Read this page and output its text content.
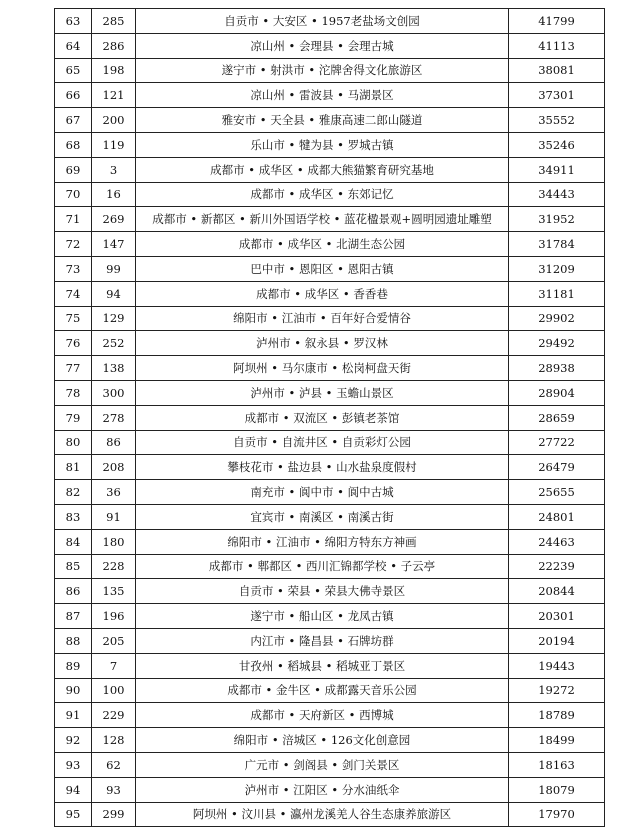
63	285	自贡市 • 大安区 • 1957老盐场文创园	41799
64	286	凉山州 • 会理县 • 会理古城	41113
65	198	遂宁市 • 射洪市 • 沱牌舍得文化旅游区	38081
66	121	凉山州 • 雷波县 • 马湖景区	37301
67	200	雅安市 • 天全县 • 雅康高速二郎山隧道	35552
68	119	乐山市 • 犍为县 • 罗城古镇	35246
69	3	成都市 • 成华区 • 成都大熊猫繁育研究基地	34911
70	16	成都市 • 成华区 • 东郊记忆	34443
71	269	成都市 • 新都区 • 新川外国语学校 • 蓝花楹景观+圆明园遗址雕塑	31952
72	147	成都市 • 成华区 • 北湖生态公园	31784
73	99	巴中市 • 恩阳区 • 恩阳古镇	31209
74	94	成都市 • 成华区 • 香香巷	31181
75	129	绵阳市 • 江油市 • 百年好合爱情谷	29902
76	252	泸州市 • 叙永县 • 罗汉林	29492
77	138	阿坝州 • 马尔康市 • 松岗柯盘天街	28938
78	300	泸州市 • 泸县 • 玉蟾山景区	28904
79	278	成都市 • 双流区 • 彭镇老茶馆	28659
80	86	自贡市 • 自流井区 • 自贡彩灯公园	27722
81	208	攀枝花市 • 盐边县 • 山水盐泉度假村	26479
82	36	南充市 • 阆中市 • 阆中古城	25655
83	91	宜宾市 • 南溪区 • 南溪古街	24801
84	180	绵阳市 • 江油市 • 绵阳方特东方神画	24463
85	228	成都市 • 郫都区 • 西川汇锦都学校 • 子云亭	22239
86	135	自贡市 • 荣县 • 荣县大佛寺景区	20844
87	196	遂宁市 • 船山区 • 龙凤古镇	20301
88	205	内江市 • 隆昌县 • 石牌坊群	20194
89	7	甘孜州 • 稻城县 • 稻城亚丁景区	19443
90	100	成都市 • 金牛区 • 成都露天音乐公园	19272
91	229	成都市 • 天府新区 • 西博城	18789
92	128	绵阳市 • 涪城区 • 126文化创意园	18499
93	62	广元市 • 剑阁县 • 剑门关景区	18163
94	93	泸州市 • 江阳区 • 分水油纸伞	18079
95	299	阿坝州 • 汶川县 • 瀛州龙溪羌人谷生态康养旅游区	17970
